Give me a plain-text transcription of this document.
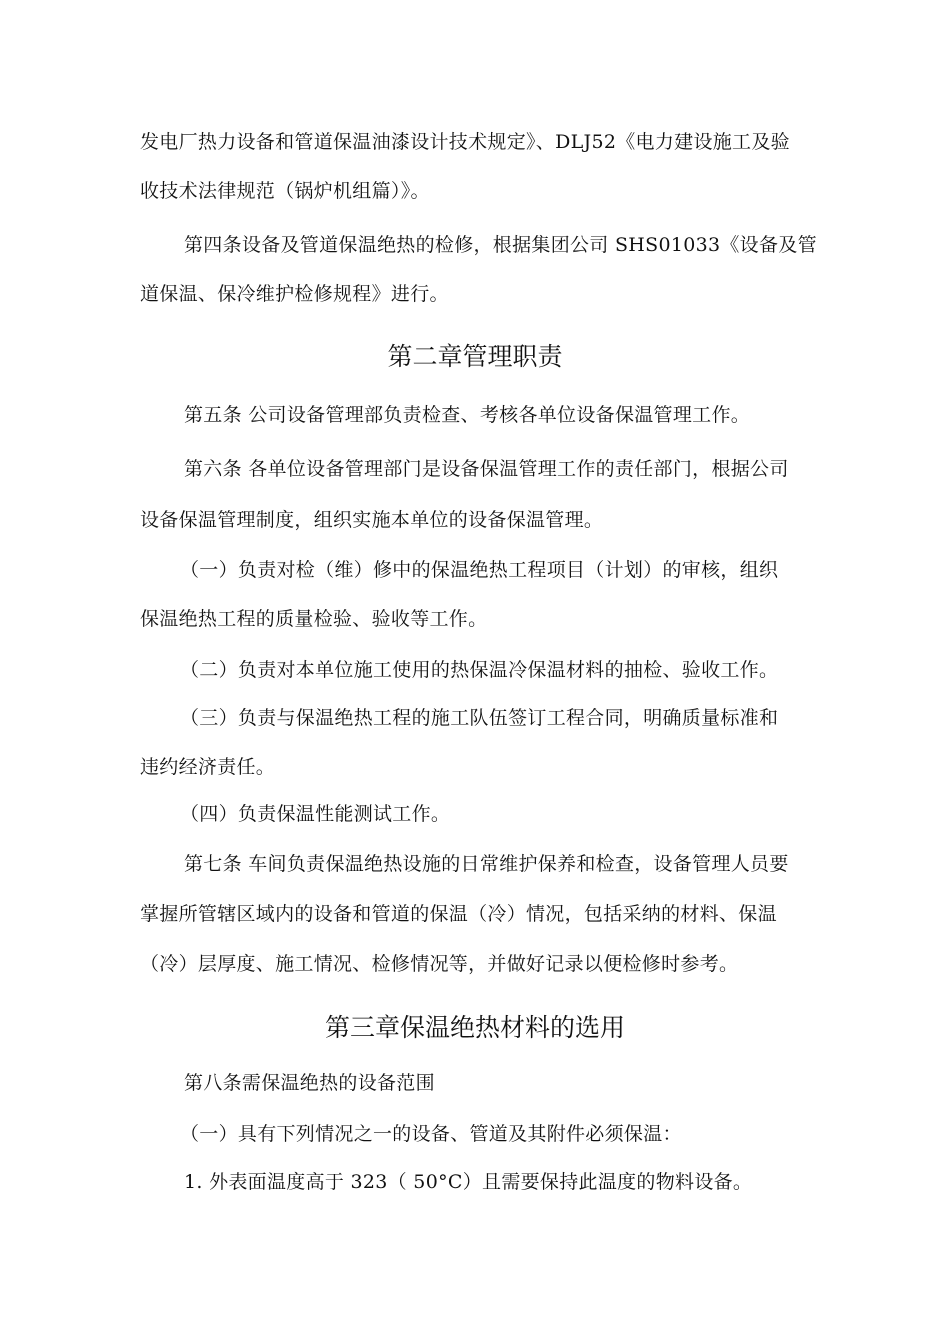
发电厂热力设备和管道保温油漆设计技术规定》、DLJ52《电力建设施工及验
收技术法律规范（锅炉机组篇）》。
第四条设备及管道保温绝热的检修，根据集团公司 SHS01033《设备及管
道保温、保冷维护检修规程》进行。
第二章管理职责
第五条 公司设备管理部负责检查、考核各单位设备保温管理工作。
第六条 各单位设备管理部门是设备保温管理工作的责任部门，根据公司
设备保温管理制度，组织实施本单位的设备保温管理。
（一）负责对检（维）修中的保温绝热工程项目（计划）的审核，组织
保温绝热工程的质量检验、验收等工作。
（二）负责对本单位施工使用的热保温冷保温材料的抽检、验收工作。
（三）负责与保温绝热工程的施工队伍签订工程合同，明确质量标准和
违约经济责任。
（四）负责保温性能测试工作。
第七条 车间负责保温绝热设施的日常维护保养和检查，设备管理人员要
掌握所管辖区域内的设备和管道的保温（冷）情况，包括采纳的材料、保温
（冷）层厚度、施工情况、检修情况等，并做好记录以便检修时参考。
第三章保温绝热材料的选用
第八条需保温绝热的设备范围
（一）具有下列情况之一的设备、管道及其附件必须保温：
1. 外表面温度高于 323（ 50°C）且需要保持此温度的物料设备。
